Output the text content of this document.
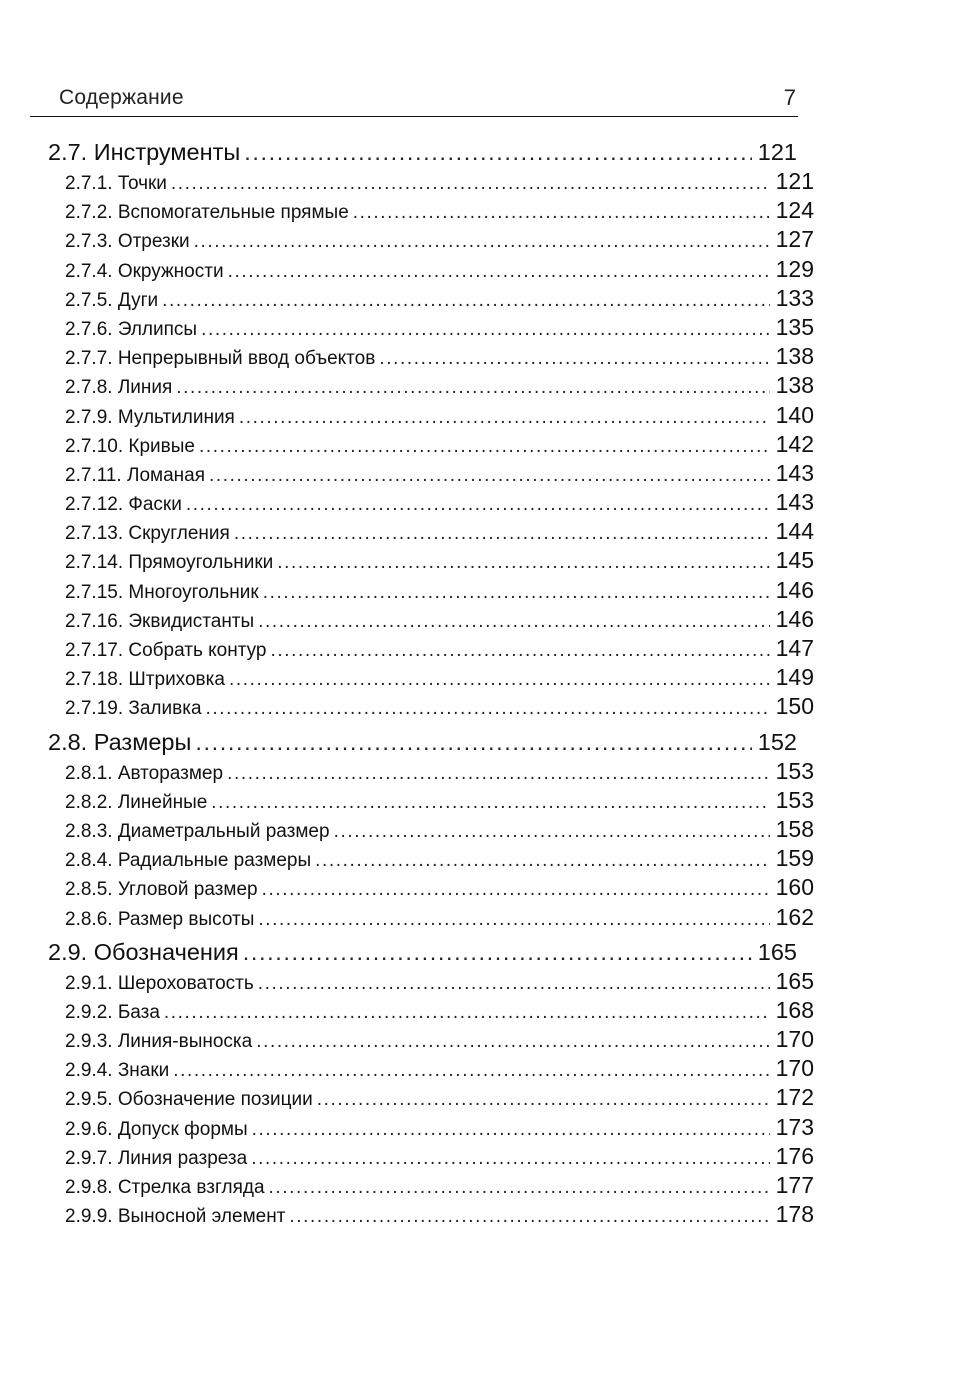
Содержание	7
2.7. Инструменты .....	121
2.7.1. Точки .....	121
2.7.2. Вспомогательные прямые .....	124
2.7.3. Отрезки .....	127
2.7.4. Окружности .....	129
2.7.5. Дуги .....	133
2.7.6. Эллипсы .....	135
2.7.7. Непрерывный ввод объектов .....	138
2.7.8. Линия .....	138
2.7.9. Мультилиния .....	140
2.7.10. Кривые .....	142
2.7.11. Ломаная .....	143
2.7.12. Фаски .....	143
2.7.13. Скругления .....	144
2.7.14. Прямоугольники .....	145
2.7.15. Многоугольник .....	146
2.7.16. Эквидистанты .....	146
2.7.17. Собрать контур .....	147
2.7.18. Штриховка .....	149
2.7.19. Заливка .....	150
2.8. Размеры .....	152
2.8.1. Авторазмер .....	153
2.8.2. Линейные .....	153
2.8.3. Диаметральный размер .....	158
2.8.4. Радиальные размеры .....	159
2.8.5. Угловой размер .....	160
2.8.6. Размер высоты .....	162
2.9. Обозначения .....	165
2.9.1. Шероховатость .....	165
2.9.2. База .....	168
2.9.3. Линия-выноска .....	170
2.9.4. Знаки .....	170
2.9.5. Обозначение позиции .....	172
2.9.6. Допуск формы .....	173
2.9.7. Линия разреза .....	176
2.9.8. Стрелка взгляда .....	177
2.9.9. Выносной элемент .....	178
